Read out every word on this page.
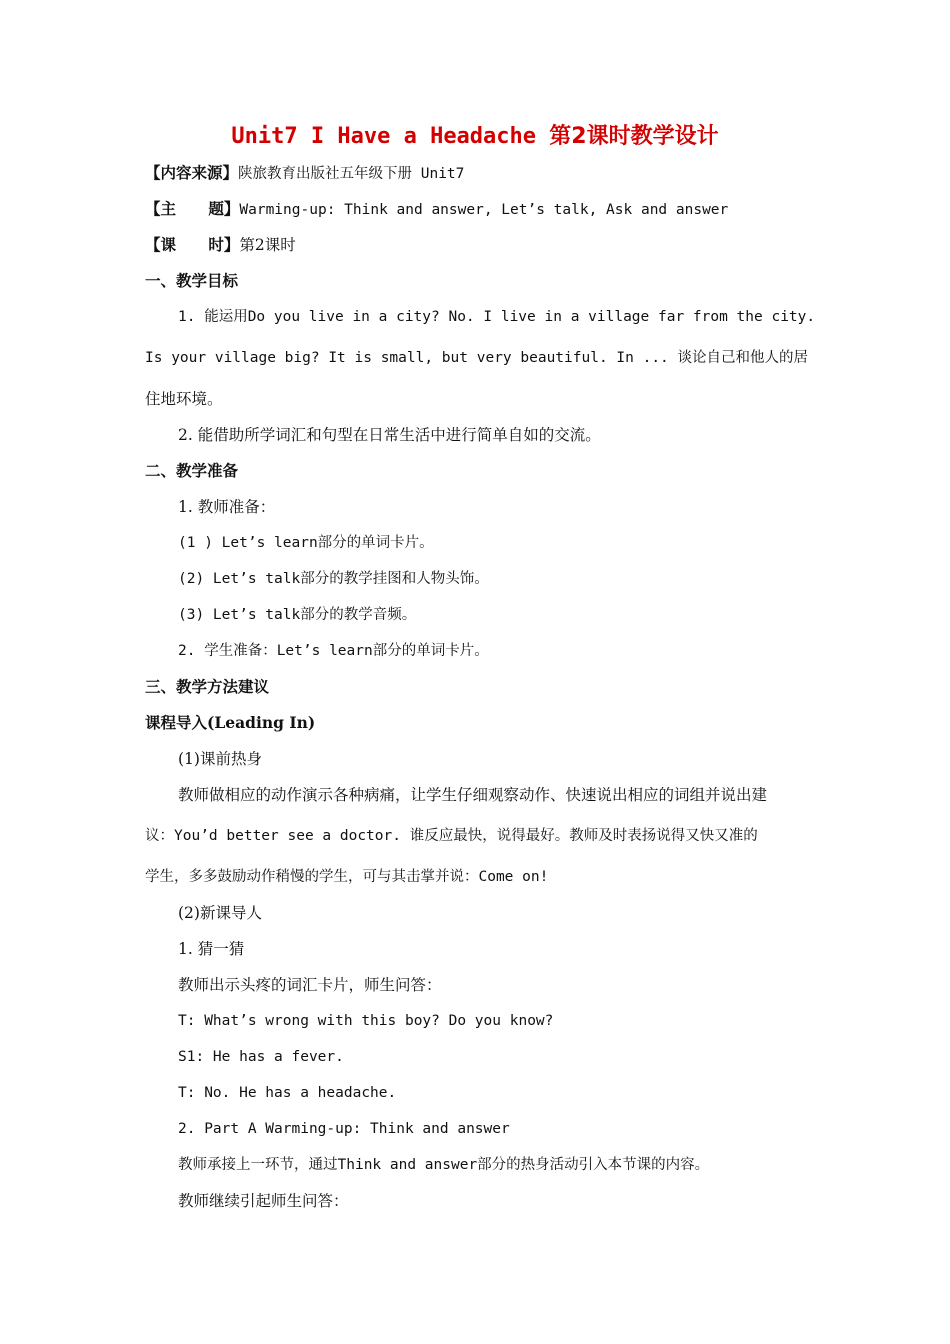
Unit7 I Have a Headache 第2课时教学设计
【内容来源】陕旅教育出版社五年级下册 Unit7
【主      题】Warming-up: Think and answer, Let’s talk, Ask and answer
【课      时】第2课时
一、教学目标
1. 能运用Do you live in a city? No. I live in a village far from the city.
Is your village big? It is small, but very beautiful. In ... 谈论自己和他人的居
住地环境。
2. 能借助所学词汇和句型在日常生活中进行简单自如的交流。
二、教学准备
1. 教师准备：
(1 ) Let’s learn部分的单词卡片。
(2) Let’s talk部分的教学挂图和人物头饰。
(3) Let’s talk部分的教学音频。
2. 学生准备：Let’s learn部分的单词卡片。
三、教学方法建议
课程导入(Leading In)
(1)课前热身
教师做相应的动作演示各种病痛，让学生仔细观察动作、快速说出相应的词组并说出建
议：You’d better see a doctor. 谁反应最快，说得最好。教师及时表扬说得又快又准的
学生，多多鼓励动作稍慢的学生，可与其击掌并说：Come on!
(2)新课导人
1. 猜一猜
教师出示头疼的词汇卡片，师生问答：
T: What’s wrong with this boy? Do you know?
S1: He has a fever.
T: No. He has a headache.
2. Part A Warming-up: Think and answer
教师承接上一环节，通过Think and answer部分的热身活动引入本节课的内容。
教师继续引起师生问答：
